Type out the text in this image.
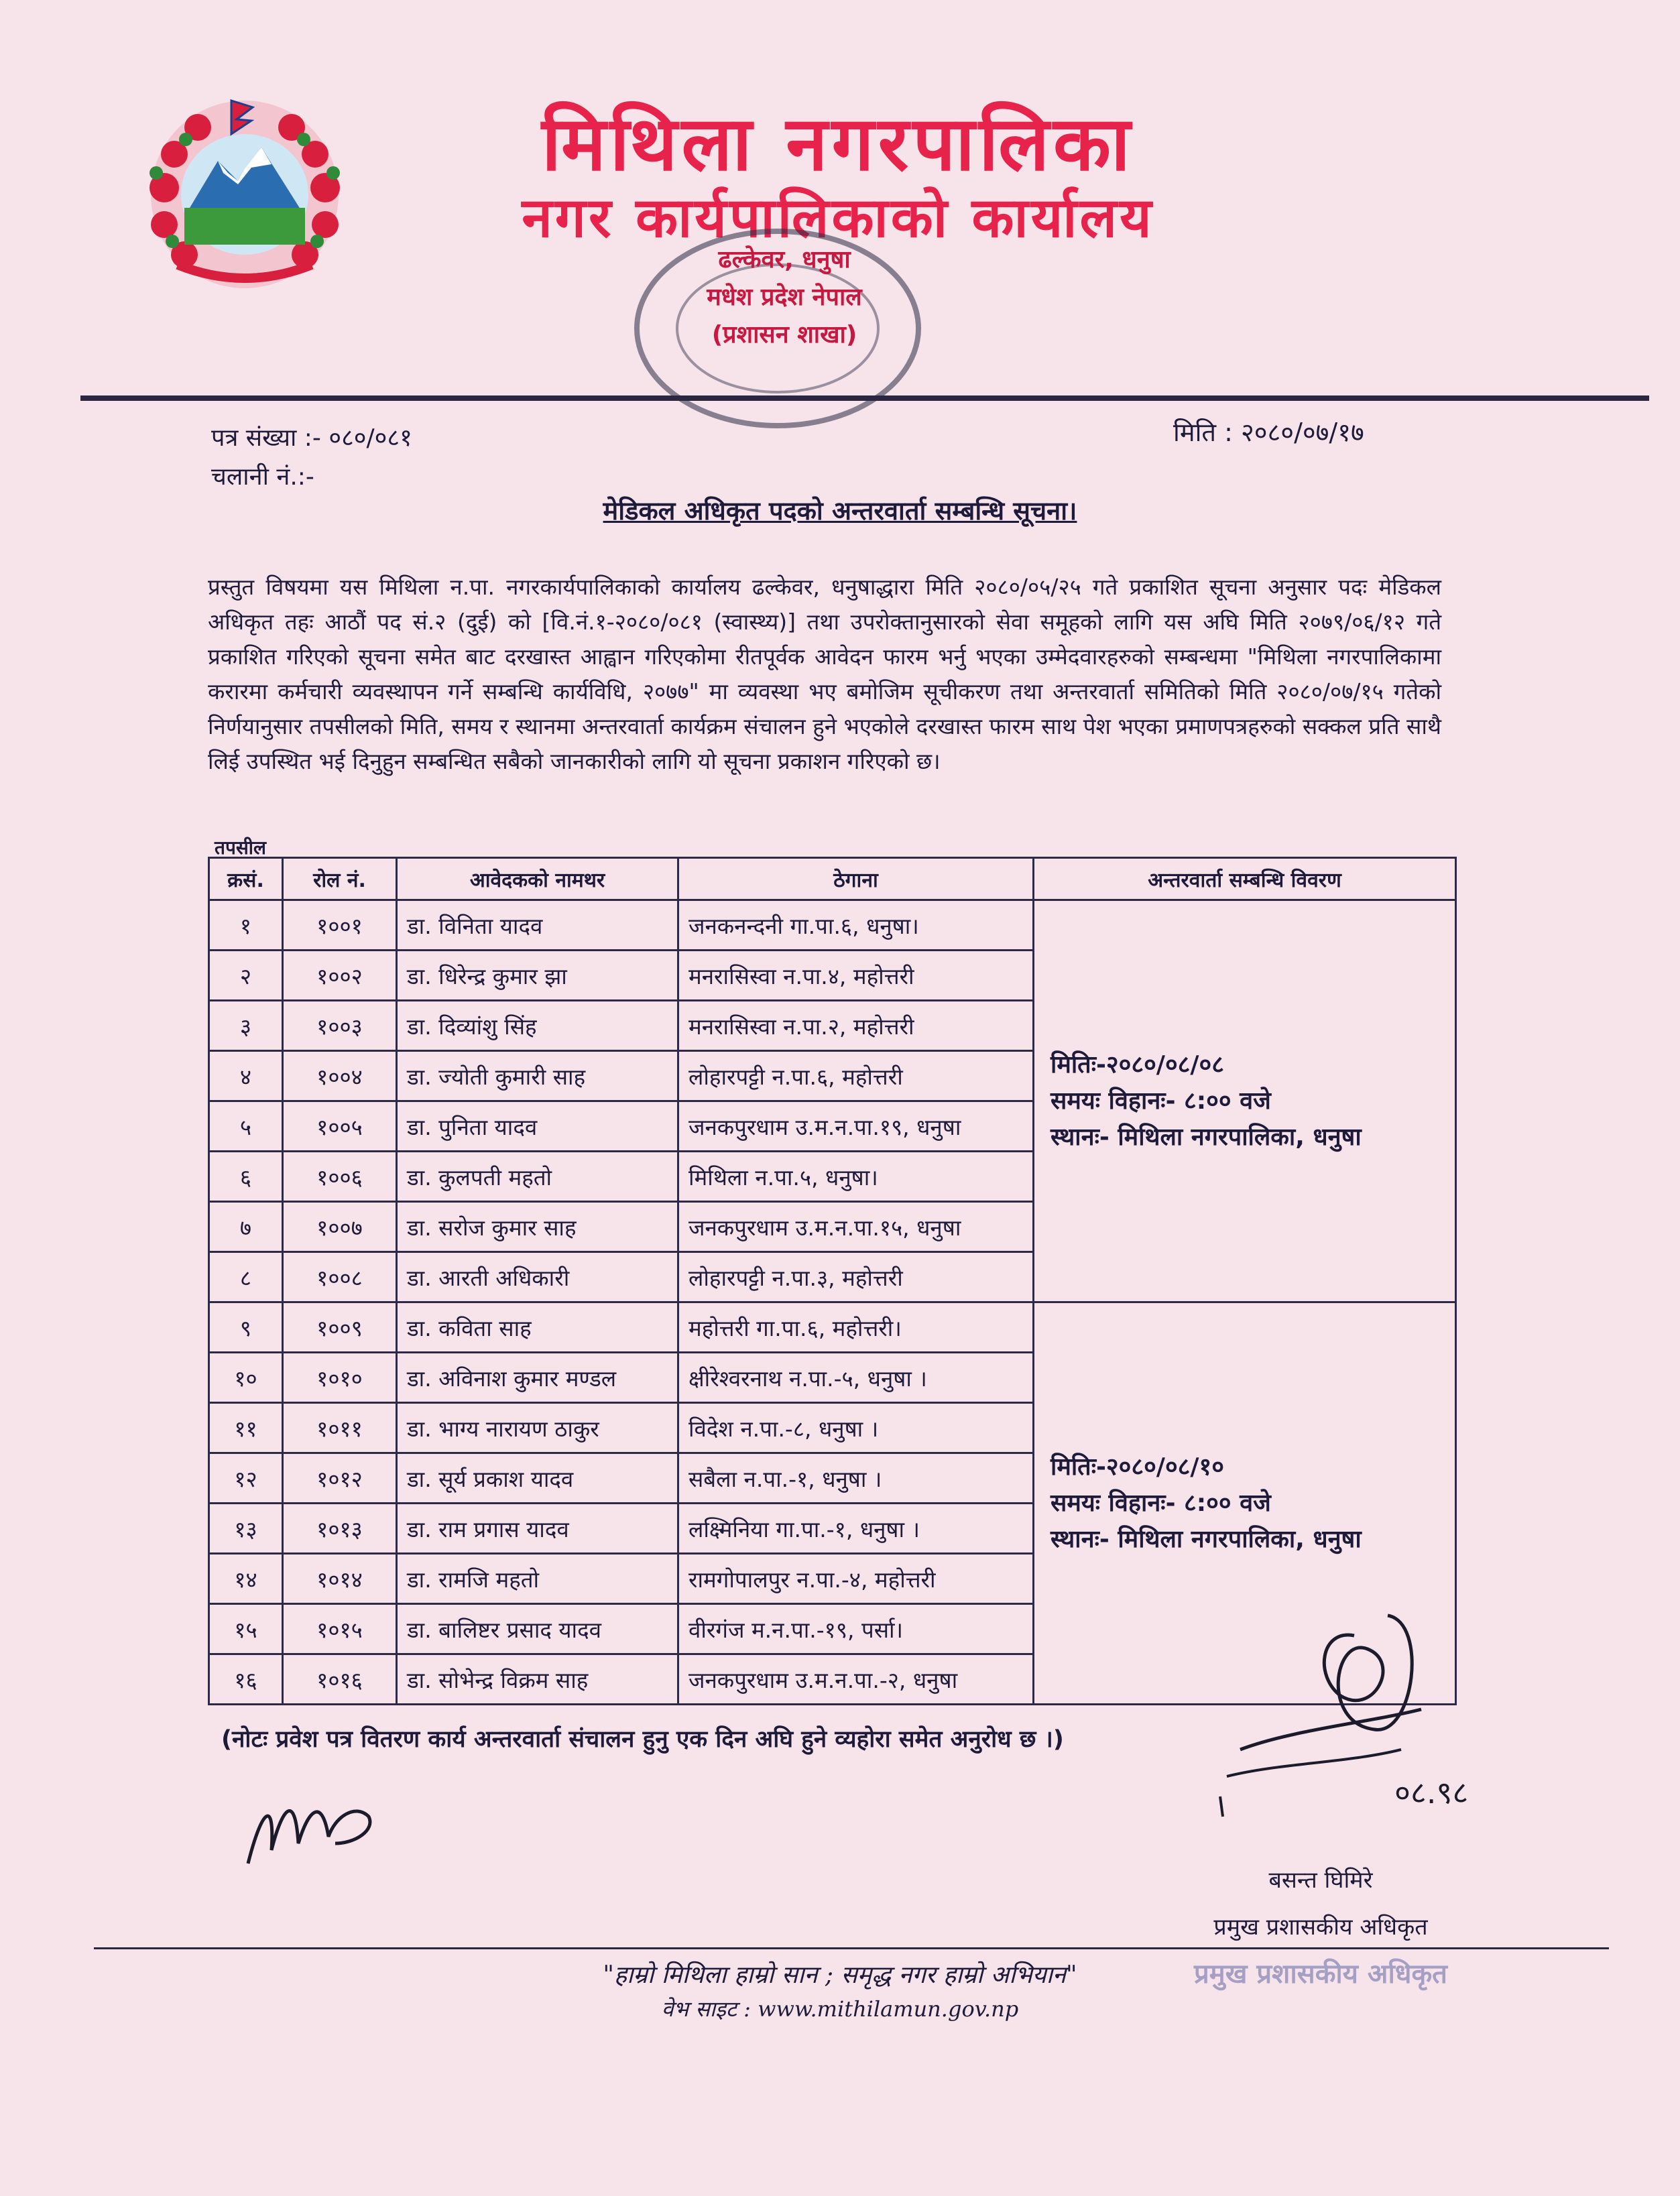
मिथिला नगरपालिका
नगर कार्यपालिकाको कार्यालय
ढल्केवर, धनुषा
मधेश प्रदेश नेपाल
(प्रशासन शाखा)
पत्र संख्या :- ०८०/०८१
चलानी नं.:-
मिति : २०८०/०७/१७
मेडिकल अधिकृत पदको अन्तरवार्ता सम्बन्धि सूचना।
प्रस्तुत विषयमा यस मिथिला न.पा. नगरकार्यपालिकाको कार्यालय ढल्केवर, धनुषाद्धारा मिति २०८०/०५/२५ गते प्रकाशित सूचना अनुसार पदः मेडिकल अधिकृत तहः आठौं पद सं.२ (दुई) को [वि.नं.१-२०८०/०८१ (स्वास्थ्य)] तथा उपरोक्तानुसारको सेवा समूहको लागि यस अघि मिति २०७९/०६/१२ गते प्रकाशित गरिएको सूचना समेत बाट दरखास्त आह्वान गरिएकोमा रीतपूर्वक आवेदन फारम भर्नु भएका उम्मेदवारहरुको सम्बन्धमा "मिथिला नगरपालिकामा करारमा कर्मचारी व्यवस्थापन गर्ने सम्बन्धि कार्यविधि, २०७७" मा व्यवस्था भए बमोजिम सूचीकरण तथा अन्तरवार्ता समितिको मिति २०८०/०७/१५ गतेको निर्णयानुसार तपसीलको मिति, समय र स्थानमा अन्तरवार्ता कार्यक्रम संचालन हुने भएकोले दरखास्त फारम साथ पेश भएका प्रमाणपत्रहरुको सक्कल प्रति साथै लिई उपस्थित भई दिनुहुन सम्बन्धित सबैको जानकारीको लागि यो सूचना प्रकाशन गरिएको छ।
तपसील
क्रसं.	रोल नं.	आवेदकको नामथर	ठेगाना	अन्तरवार्ता सम्बन्धि विवरण
१	१००१	डा. विनिता यादव	जनकनन्दनी गा.पा.६, धनुषा।	मितिः-२०८०/०८/०८
समयः विहानः- ८:०० वजे
स्थानः- मिथिला नगरपालिका, धनुषा

२	१००२	डा. धिरेन्द्र कुमार झा	मनरासिस्वा न.पा.४, महोत्तरी	
३	१००३	डा. दिव्यांशु सिंह	मनरासिस्वा न.पा.२, महोत्तरी	
४	१००४	डा. ज्योती कुमारी साह	लोहारपट्टी न.पा.६, महोत्तरी	
५	१००५	डा. पुनिता यादव	जनकपुरधाम उ.म.न.पा.१९, धनुषा	
६	१००६	डा. कुलपती महतो	मिथिला न.पा.५, धनुषा।	
७	१००७	डा. सरोज कुमार साह	जनकपुरधाम उ.म.न.पा.१५, धनुषा	
८	१००८	डा. आरती अधिकारी	लोहारपट्टी न.पा.३, महोत्तरी	
९	१००९	डा. कविता साह	महोत्तरी गा.पा.६, महोत्तरी।	मितिः-२०८०/०८/१०
समयः विहानः- ८:०० वजे
स्थानः- मिथिला नगरपालिका, धनुषा

१०	१०१०	डा. अविनाश कुमार मण्डल	क्षीरेश्वरनाथ न.पा.-५, धनुषा ।	
११	१०११	डा. भाग्य नारायण ठाकुर	विदेश न.पा.-८, धनुषा ।	
१२	१०१२	डा. सूर्य प्रकाश यादव	सबैला न.पा.-१, धनुषा ।	
१३	१०१३	डा. राम प्रगास यादव	लक्ष्मिनिया गा.पा.-१, धनुषा ।	
१४	१०१४	डा. रामजि महतो	रामगोपालपुर न.पा.-४, महोत्तरी	
१५	१०१५	डा. बालिष्टर प्रसाद यादव	वीरगंज म.न.पा.-१९, पर्सा।	
१६	१०१६	डा. सोभेन्द्र विक्रम साह	जनकपुरधाम उ.म.न.पा.-२, धनुषा	
(नोटः प्रवेश पत्र वितरण कार्य अन्तरवार्ता संचालन हुनु एक दिन अघि हुने व्यहोरा समेत अनुरोध छ ।)
०८.९८
बसन्त घिमिरे
प्रमुख प्रशासकीय अधिकृत
प्रमुख प्रशासकीय अधिकृत
"हाम्रो मिथिला हाम्रो सान ; समृद्ध नगर हाम्रो अभियान"
वेभ साइट : www.mithilamun.gov.np
